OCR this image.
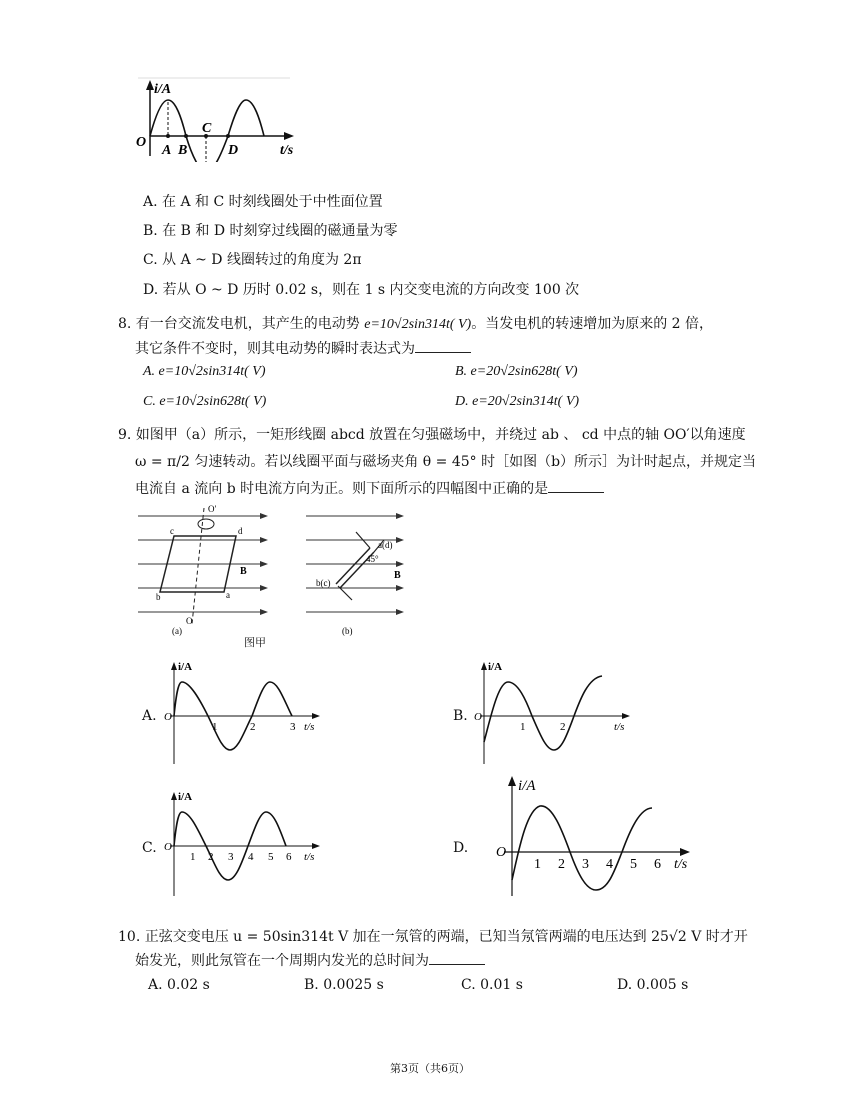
i/A
O
A B
C
D	t/s
A. 在 A 和 C 时刻线圈处于中性面位置
B. 在 B 和 D 时刻穿过线圈的磁通量为零
C. 从 A ~ D 线圈转过的角度为 2π
D. 若从 O ~ D 历时 0.02 s，则在 1 s 内交变电流的方向改变 100 次
8. 有一台交流发电机，其产生的电动势 e=10√2sin314t( V)。当发电机的转速增加为原来的 2 倍，
其它条件不变时，则其电动势的瞬时表达式为
A. e=10√2sin314t( V)	B. e=20√2sin628t( V)
C. e=10√2sin628t( V)	D. e=20√2sin314t( V)
9. 如图甲（a）所示，一矩形线圈 abcd 放置在匀强磁场中，并绕过 ab 、 cd 中点的轴 OO′以角速度
ω = π/2 匀速转动。若以线圈平面与磁场夹角 θ = 45° 时［如图（b）所示］为计时起点，并规定当
电流自 a 流向 b 时电流方向为正。则下面所示的四幅图中正确的是
O′
c	d
B
b	a
O
(a)
图甲
a(d)
45°
B
b(c)
(b)
A.
i/A
O
1	2	3 t/s
B.
i/A
O
1	2	t/s
C.
i/A
O
1 2 3 4 5 6 t/s
D.
i/A
O
1 2 3 4 5 6 t/s
10. 正弦交变电压 u = 50sin314t V 加在一氖管的两端，已知当氖管两端的电压达到 25√2 V 时才开
始发光，则此氖管在一个周期内发光的总时间为
A. 0.02 s	B. 0.0025 s	C. 0.01 s	D. 0.005 s
第3页（共6页）
